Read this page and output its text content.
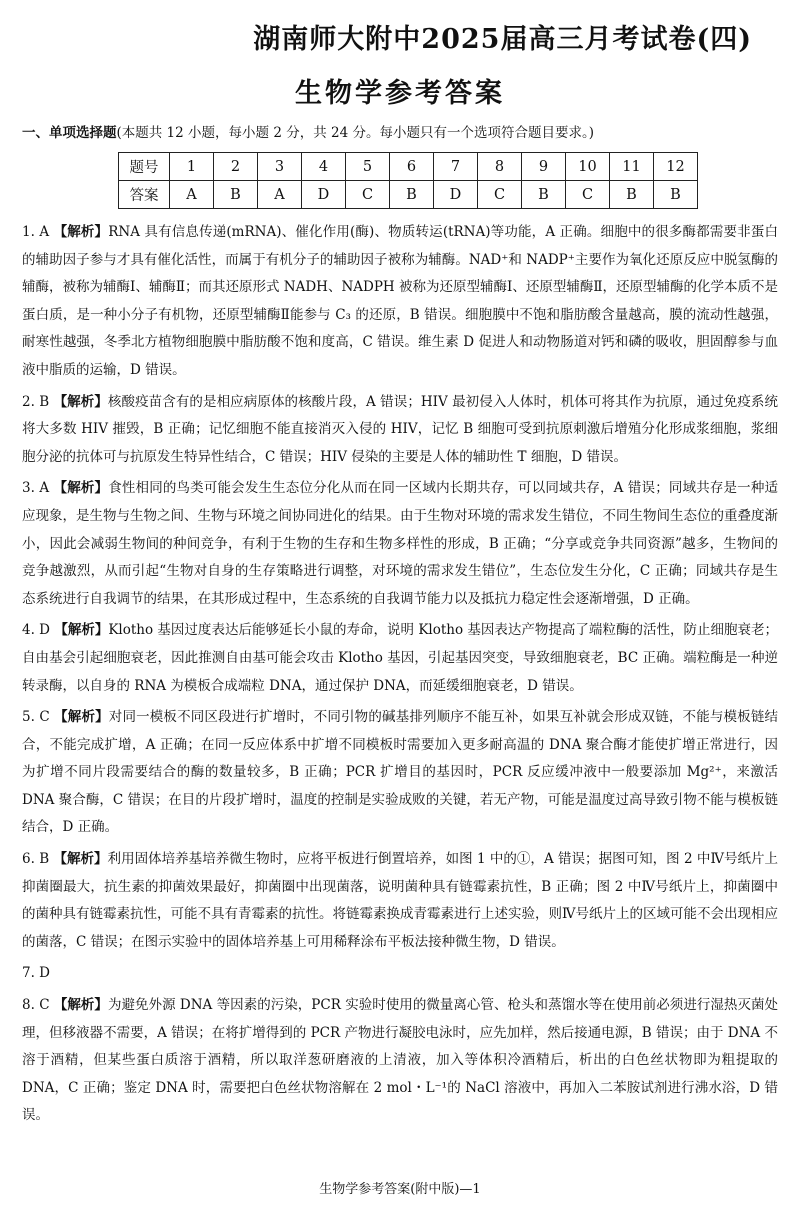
湖南师大附中2025届高三月考试卷(四)
生物学参考答案
一、单项选择题(本题共 12 小题，每小题 2 分，共 24 分。每小题只有一个选项符合题目要求。)
题号	1	2	3	4	5	6	7	8	9	10	11	12
答案	A	B	A	D	C	B	D	C	B	C	B	B
1. A 【解析】RNA 具有信息传递(mRNA)、催化作用(酶)、物质转运(tRNA)等功能，A 正确。细胞中的很多酶都需要非蛋白的辅助因子参与才具有催化活性，而属于有机分子的辅助因子被称为辅酶。NAD⁺和 NADP⁺主要作为氧化还原反应中脱氢酶的辅酶，被称为辅酶Ⅰ、辅酶Ⅱ；而其还原形式 NADH、NADPH 被称为还原型辅酶Ⅰ、还原型辅酶Ⅱ，还原型辅酶的化学本质不是蛋白质，是一种小分子有机物，还原型辅酶Ⅱ能参与 C₃ 的还原，B 错误。细胞膜中不饱和脂肪酸含量越高，膜的流动性越强，耐寒性越强，冬季北方植物细胞膜中脂肪酸不饱和度高，C 错误。维生素 D 促进人和动物肠道对钙和磷的吸收，胆固醇参与血液中脂质的运输，D 错误。
2. B 【解析】核酸疫苗含有的是相应病原体的核酸片段，A 错误；HIV 最初侵入人体时，机体可将其作为抗原，通过免疫系统将大多数 HIV 摧毁，B 正确；记忆细胞不能直接消灭入侵的 HIV，记忆 B 细胞可受到抗原刺激后增殖分化形成浆细胞，浆细胞分泌的抗体可与抗原发生特异性结合，C 错误；HIV 侵染的主要是人体的辅助性 T 细胞，D 错误。
3. A 【解析】食性相同的鸟类可能会发生生态位分化从而在同一区域内长期共存，可以同域共存，A 错误；同域共存是一种适应现象，是生物与生物之间、生物与环境之间协同进化的结果。由于生物对环境的需求发生错位，不同生物间生态位的重叠度渐小，因此会减弱生物间的种间竞争，有利于生物的生存和生物多样性的形成，B 正确；“分享或竞争共同资源”越多，生物间的竞争越激烈，从而引起“生物对自身的生存策略进行调整，对环境的需求发生错位”，生态位发生分化，C 正确；同域共存是生态系统进行自我调节的结果，在其形成过程中，生态系统的自我调节能力以及抵抗力稳定性会逐渐增强，D 正确。
4. D 【解析】Klotho 基因过度表达后能够延长小鼠的寿命，说明 Klotho 基因表达产物提高了端粒酶的活性，防止细胞衰老；自由基会引起细胞衰老，因此推测自由基可能会攻击 Klotho 基因，引起基因突变，导致细胞衰老，BC 正确。端粒酶是一种逆转录酶，以自身的 RNA 为模板合成端粒 DNA，通过保护 DNA，而延缓细胞衰老，D 错误。
5. C 【解析】对同一模板不同区段进行扩增时，不同引物的碱基排列顺序不能互补，如果互补就会形成双链，不能与模板链结合，不能完成扩增，A 正确；在同一反应体系中扩增不同模板时需要加入更多耐高温的 DNA 聚合酶才能使扩增正常进行，因为扩增不同片段需要结合的酶的数量较多，B 正确；PCR 扩增目的基因时，PCR 反应缓冲液中一般要添加 Mg²⁺，来激活 DNA 聚合酶，C 错误；在目的片段扩增时，温度的控制是实验成败的关键，若无产物，可能是温度过高导致引物不能与模板链结合，D 正确。
6. B 【解析】利用固体培养基培养微生物时，应将平板进行倒置培养，如图 1 中的①，A 错误；据图可知，图 2 中Ⅳ号纸片上抑菌圈最大，抗生素的抑菌效果最好，抑菌圈中出现菌落，说明菌种具有链霉素抗性，B 正确；图 2 中Ⅳ号纸片上，抑菌圈中的菌种具有链霉素抗性，可能不具有青霉素的抗性。将链霉素换成青霉素进行上述实验，则Ⅳ号纸片上的区域可能不会出现相应的菌落，C 错误；在图示实验中的固体培养基上可用稀释涂布平板法接种微生物，D 错误。
7. D
8. C 【解析】为避免外源 DNA 等因素的污染，PCR 实验时使用的微量离心管、枪头和蒸馏水等在使用前必须进行湿热灭菌处理，但移液器不需要，A 错误；在将扩增得到的 PCR 产物进行凝胶电泳时，应先加样，然后接通电源，B 错误；由于 DNA 不溶于酒精，但某些蛋白质溶于酒精，所以取洋葱研磨液的上清液，加入等体积冷酒精后，析出的白色丝状物即为粗提取的 DNA，C 正确；鉴定 DNA 时，需要把白色丝状物溶解在 2 mol・L⁻¹的 NaCl 溶液中，再加入二苯胺试剂进行沸水浴，D 错误。
生物学参考答案(附中版)—1
